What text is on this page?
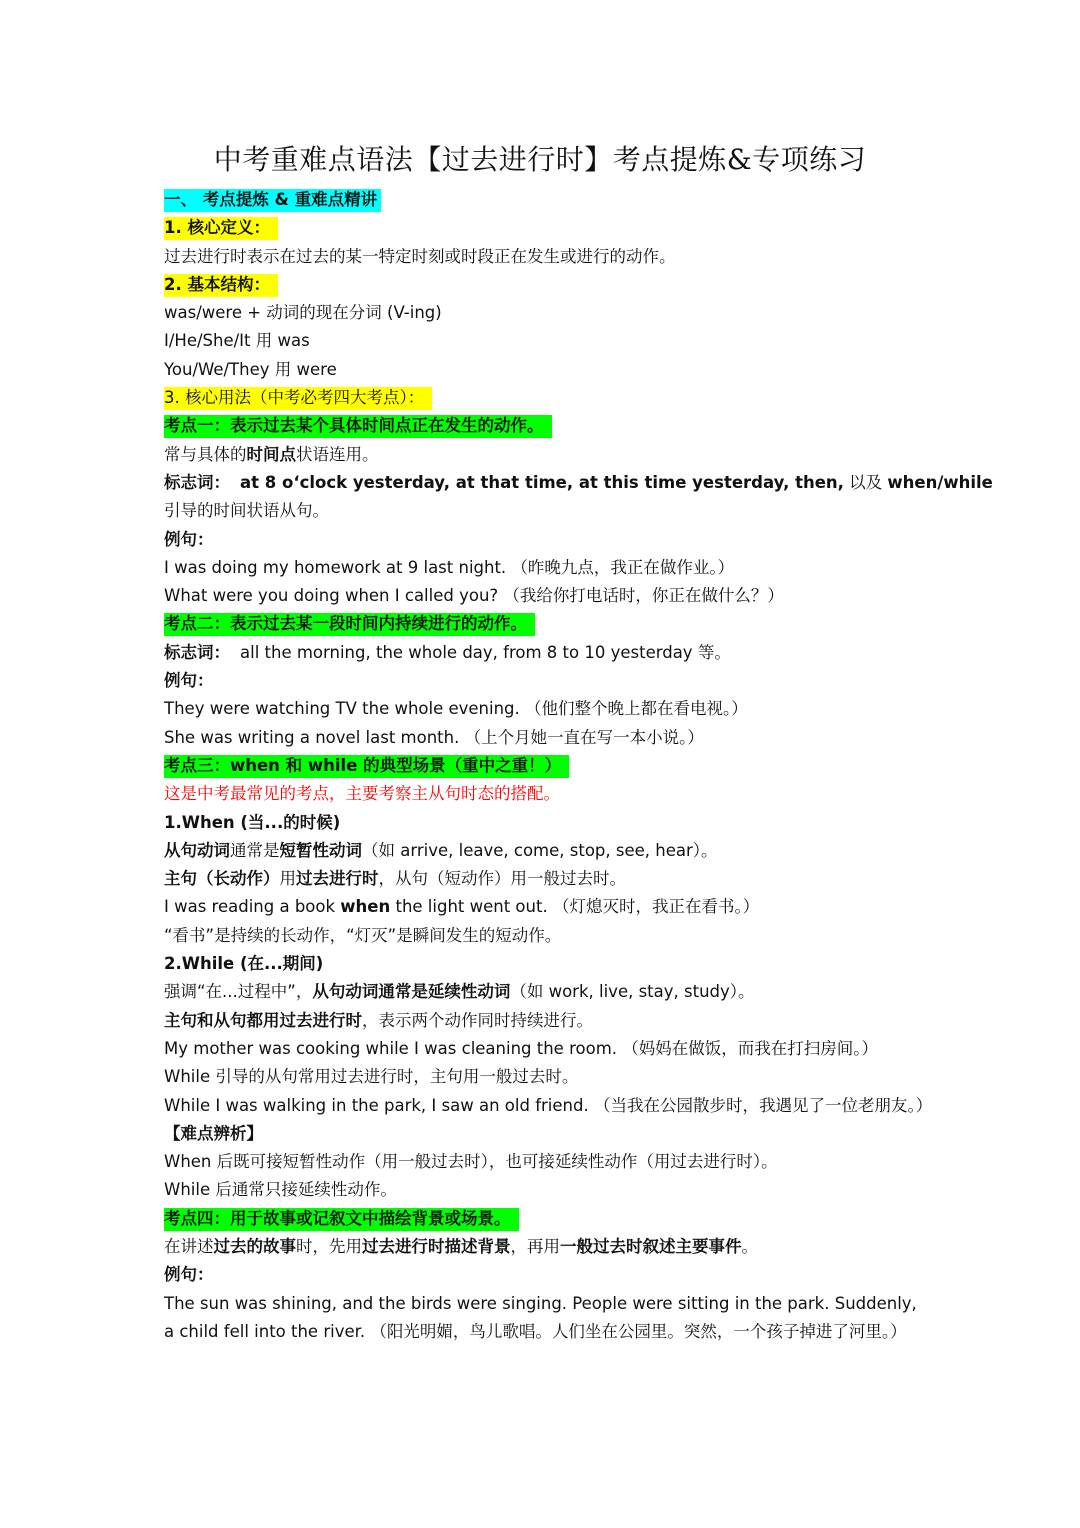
中考重难点语法【过去进行时】考点提炼&专项练习
一、 考点提炼 & 重难点精讲
1. 核心定义：
过去进行时表示在过去的某一特定时刻或时段正在发生或进行的动作。
2. 基本结构：
was/were + 动词的现在分词 (V-ing)
I/He/She/It 用 was
You/We/They 用 were
3. 核心用法（中考必考四大考点）：
考点一：表示过去某个具体时间点正在发生的动作。
常与具体的时间点状语连用。
标志词： at 8 o‘clock yesterday, at that time, at this time yesterday, then, 以及 when/while
引导的时间状语从句。
例句：
I was doing my homework at 9 last night. （昨晚九点，我正在做作业。）
What were you doing when I called you? （我给你打电话时，你正在做什么？）
考点二：表示过去某一段时间内持续进行的动作。
标志词： all the morning, the whole day, from 8 to 10 yesterday 等。
例句：
They were watching TV the whole evening. （他们整个晚上都在看电视。）
She was writing a novel last month. （上个月她一直在写一本小说。）
考点三：when 和 while 的典型场景（重中之重！）
这是中考最常见的考点，主要考察主从句时态的搭配。
1.When (当...的时候)
从句动词通常是短暂性动词（如 arrive, leave, come, stop, see, hear）。
主句（长动作）用过去进行时，从句（短动作）用一般过去时。
I was reading a book when the light went out. （灯熄灭时，我正在看书。）
“看书”是持续的长动作，“灯灭”是瞬间发生的短动作。
2.While (在...期间)
强调“在...过程中”，从句动词通常是延续性动词（如 work, live, stay, study）。
主句和从句都用过去进行时，表示两个动作同时持续进行。
My mother was cooking while I was cleaning the room. （妈妈在做饭，而我在打扫房间。）
While 引导的从句常用过去进行时，主句用一般过去时。
While I was walking in the park, I saw an old friend. （当我在公园散步时，我遇见了一位老朋友。）
【难点辨析】
When 后既可接短暂性动作（用一般过去时），也可接延续性动作（用过去进行时）。
While 后通常只接延续性动作。
考点四：用于故事或记叙文中描绘背景或场景。
在讲述过去的故事时，先用过去进行时描述背景，再用一般过去时叙述主要事件。
例句：
The sun was shining, and the birds were singing. People were sitting in the park. Suddenly, a child fell into the river. （阳光明媚，鸟儿歌唱。人们坐在公园里。突然，一个孩子掉进了河里。）
